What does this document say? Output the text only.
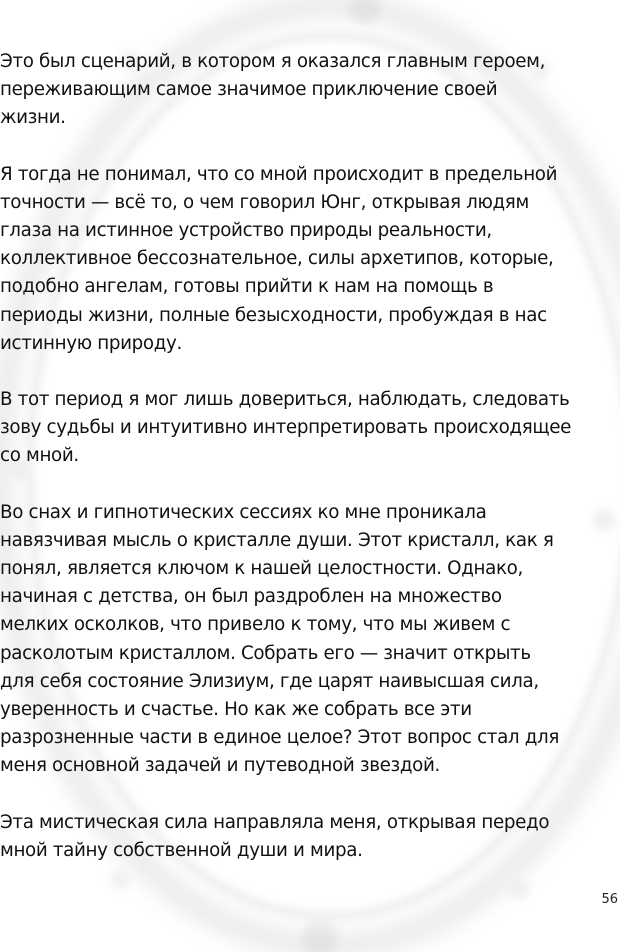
Это был сценарий, в котором я оказался главным героем,
переживающим самое значимое приключение своей
жизни.

Я тогда не понимал, что со мной происходит в предельной
точности — всё то, о чем говорил Юнг, открывая людям
глаза на истинное устройство природы реальности,
коллективное бессознательное, силы архетипов, которые,
подобно ангелам, готовы прийти к нам на помощь в
периоды жизни, полные безысходности, пробуждая в нас
истинную природу.

В тот период я мог лишь довериться, наблюдать, следовать
зову судьбы и интуитивно интерпретировать происходящее
со мной.

Во снах и гипнотических сессиях ко мне проникала
навязчивая мысль о кристалле души. Этот кристалл, как я
понял, является ключом к нашей целостности. Однако,
начиная с детства, он был раздроблен на множество
мелких осколков, что привело к тому, что мы живем с
расколотым кристаллом. Собрать его — значит открыть
для себя состояние Элизиум, где царят наивысшая сила,
уверенность и счастье. Но как же собрать все эти
разрозненные части в единое целое? Этот вопрос стал для
меня основной задачей и путеводной звездой.

Эта мистическая сила направляла меня, открывая передо
мной тайну собственной души и мира.

56
